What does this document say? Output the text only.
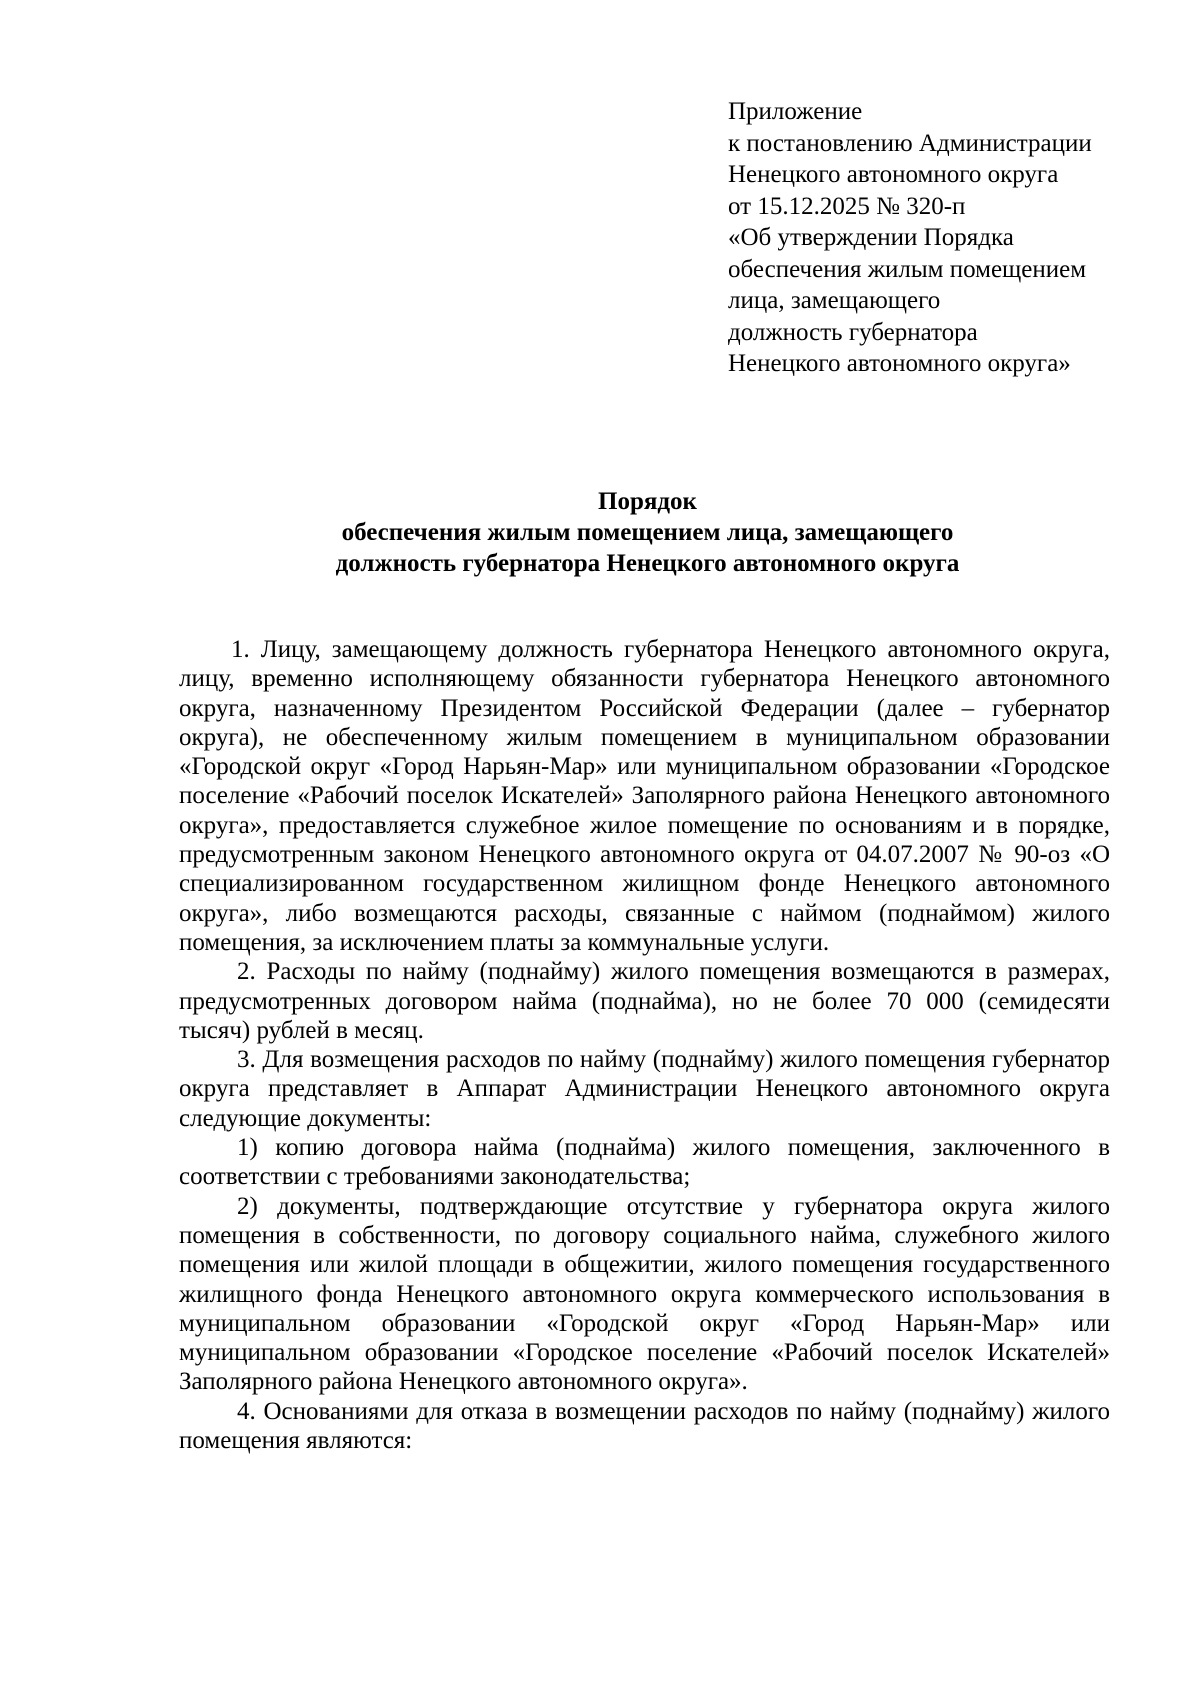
Приложение
к постановлению Администрации
Ненецкого автономного округа
от 15.12.2025 № 320-п
«Об утверждении Порядка
обеспечения жилым помещением
лица, замещающего
должность губернатора
Ненецкого автономного округа»
Порядок
обеспечения жилым помещением лица, замещающего
должность губернатора Ненецкого автономного округа

1. Лицу, замещающему должность губернатора Ненецкого автономного округа, лицу, временно исполняющему обязанности губернатора Ненецкого автономного округа, назначенному Президентом Российской Федерации (далее – губернатор округа), не обеспеченному жилым помещением в муниципальном образовании «Городской округ «Город Нарьян-Мар» или муниципальном образовании «Городское поселение «Рабочий поселок Искателей» Заполярного района Ненецкого автономного округа», предоставляется служебное жилое помещение по основаниям и в порядке, предусмотренным законом Ненецкого автономного округа от 04.07.2007 № 90-оз «О специализированном государственном жилищном фонде Ненецкого автономного округа», либо возмещаются расходы, связанные с наймом (поднаймом) жилого помещения, за исключением платы за коммунальные услуги.

2. Расходы по найму (поднайму) жилого помещения возмещаются в размерах, предусмотренных договором найма (поднайма), но не более 70 000 (семидесяти тысяч) рублей в месяц.

3. Для возмещения расходов по найму (поднайму) жилого помещения губернатор округа представляет в Аппарат Администрации Ненецкого автономного округа следующие документы:

1) копию договора найма (поднайма) жилого помещения, заключенного в соответствии с требованиями законодательства;

2) документы, подтверждающие отсутствие у губернатора округа жилого помещения в собственности, по договору социального найма, служебного жилого помещения или жилой площади в общежитии, жилого помещения государственного жилищного фонда Ненецкого автономного округа коммерческого использования в муниципальном образовании «Городской округ «Город Нарьян-Мар» или муниципальном образовании «Городское поселение «Рабочий поселок Искателей» Заполярного района Ненецкого автономного округа».

4. Основаниями для отказа в возмещении расходов по найму (поднайму) жилого помещения являются:
